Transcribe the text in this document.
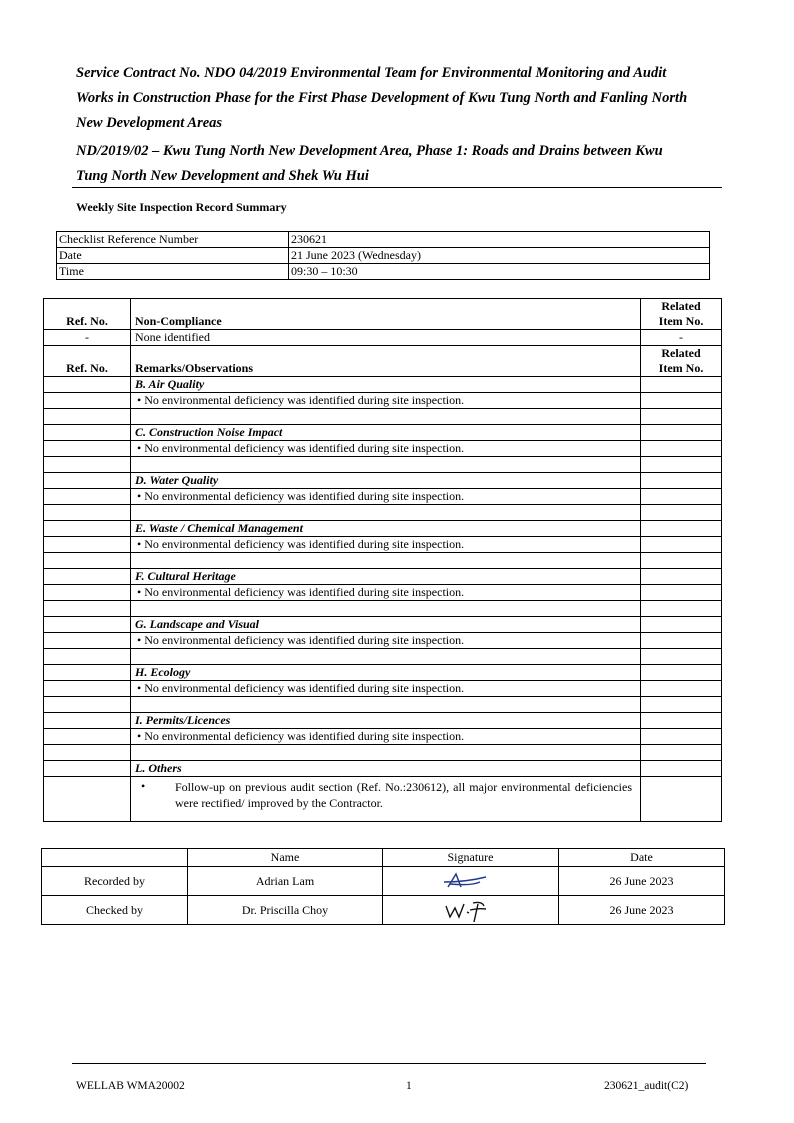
Service Contract No. NDO 04/2019 Environmental Team for Environmental Monitoring and Audit Works in Construction Phase for the First Phase Development of Kwu Tung North and Fanling North New Development Areas
ND/2019/02 – Kwu Tung North New Development Area, Phase 1: Roads and Drains between Kwu Tung North New Development and Shek Wu Hui
Weekly Site Inspection Record Summary
Checklist Reference Number	230621
Date	21 June 2023 (Wednesday)
Time	09:30 – 10:30
Ref. No.	Non-Compliance	Related
Item No.

-	None identified	-
Ref. No.	Remarks/Observations	Related
Item No.

	B. Air Quality	
	• No environmental deficiency was identified during site inspection.	

	C. Construction Noise Impact	
	• No environmental deficiency was identified during site inspection.	

	D. Water Quality	
	• No environmental deficiency was identified during site inspection.	

	E. Waste / Chemical Management	
	• No environmental deficiency was identified during site inspection.	

	F. Cultural Heritage	
	• No environmental deficiency was identified during site inspection.	

	G. Landscape and Visual	
	• No environmental deficiency was identified during site inspection.	

	H. Ecology	
	• No environmental deficiency was identified during site inspection.	

	I. Permits/Licences	
	• No environmental deficiency was identified during site inspection.	

	L. Others	

	• Follow-up on previous audit section (Ref. No.:230612), all major environmental deficiencies were rectified/ improved by the Contractor.	

	Name	Signature	Date
Recorded by	Adrian Lam		26 June 2023
Checked by	Dr. Priscilla Choy		26 June 2023
WELLAB WMA20002	1	230621_audit(C2)
